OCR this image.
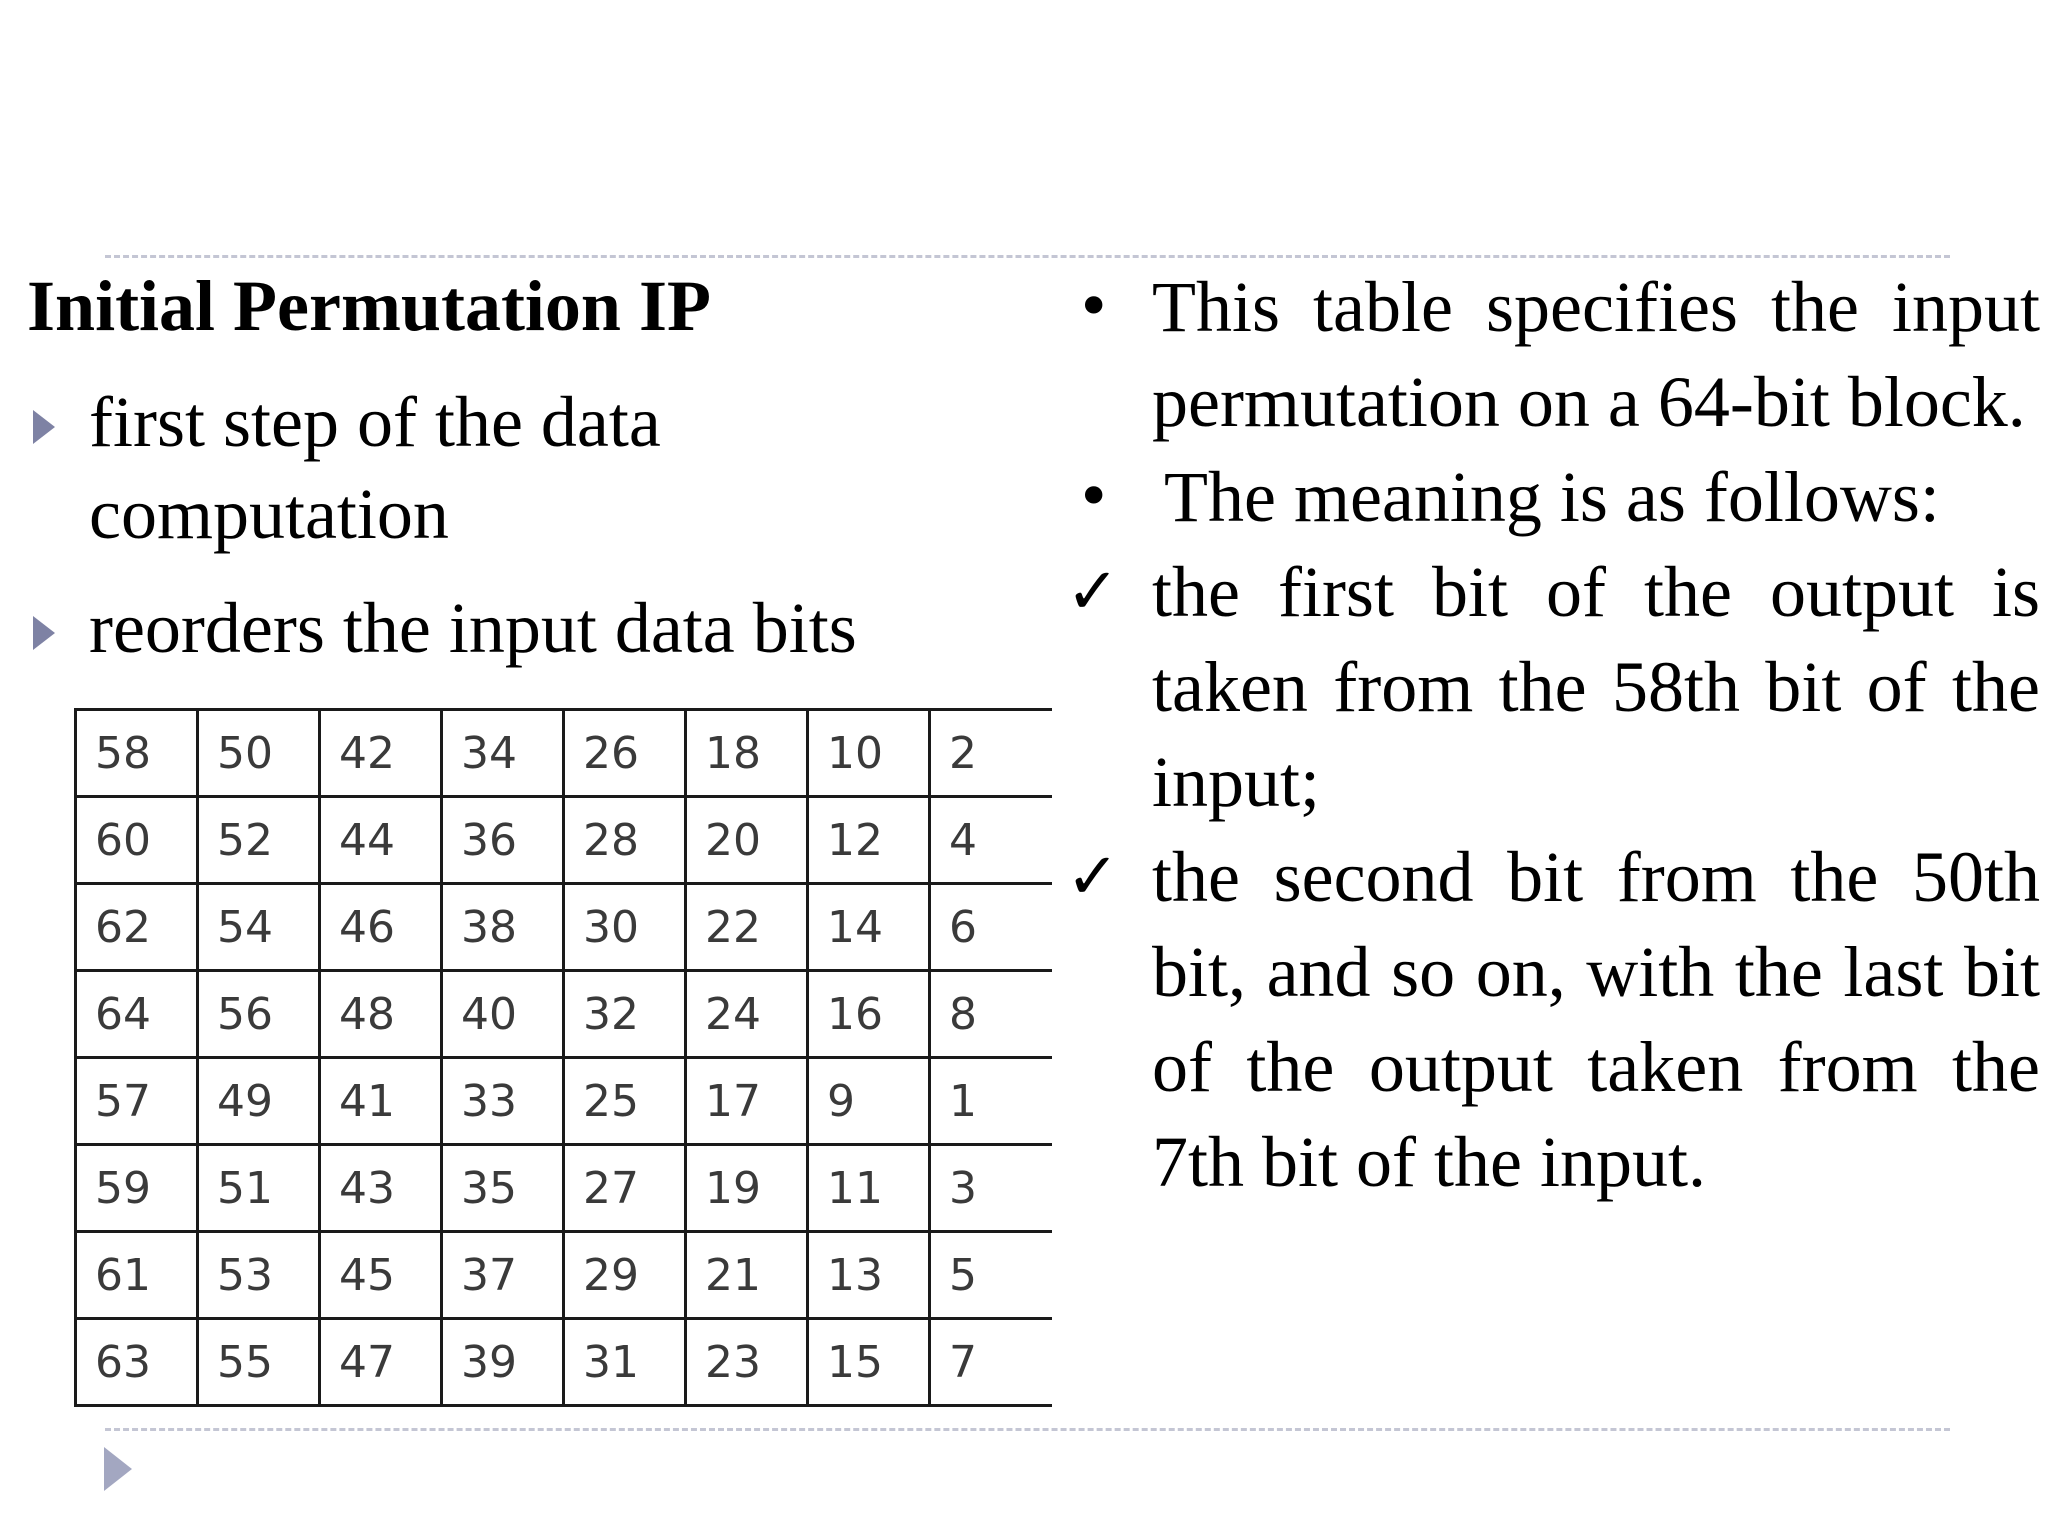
Initial Permutation IP
first step of the data computation
reorders the input data bits
58	50	42	34	26	18	10	2
60	52	44	36	28	20	12	4
62	54	46	38	30	22	14	6
64	56	48	40	32	24	16	8
57	49	41	33	25	17	9	1
59	51	43	35	27	19	11	3
61	53	45	37	29	21	13	5
63	55	47	39	31	23	15	7
• This table specifies the input permutation on a 64-bit block.
• The meaning is as follows:
✓ the first bit of the output is taken from the 58th bit of the input;
✓ the second bit from the 50th bit, and so on, with the last bit of the output taken from the 7th bit of the input.
